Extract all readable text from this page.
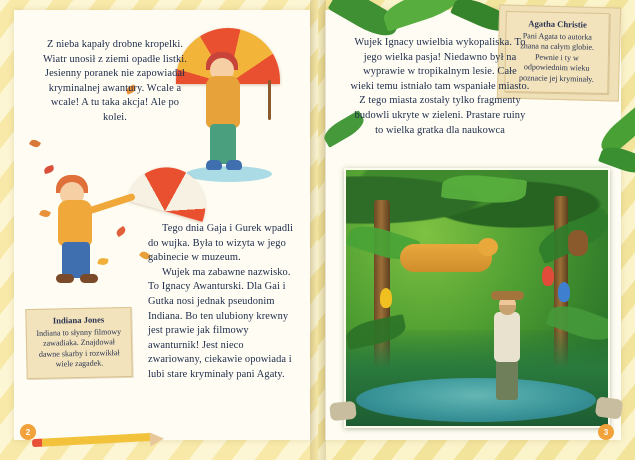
Z nieba kapały drobne kropelki. Wiatr unosił z ziemi opadłe listki. Jesienny poranek nie zapowiadał kryminalnej awantury. Wcale a wcale! A tu taka akcja! Ale po kolei.

Tego dnia Gaja i Gurek wpadli do wujka. Była to wizyta w jego gabinecie w muzeum.

Wujek ma zabawne nazwisko. To Ignacy Awanturski. Dla Gai i Gutka nosi jednak pseudonim Indiana. Bo ten ulubiony krewny jest prawie jak filmowy awanturnik! Jest nieco zwariowany, ciekawie opowiada i lubi stare kryminały pani Agaty.

Indiana Jones
Indiana to słynny filmowy zawadiaka. Znajdował dawne skarby i rozwikłał wiele zagadek.
2
Agatha Christie
Pani Agata to autorka znana na całym globie. Pewnie i ty w odpowiednim wieku poznacie jej kryminały.
Wujek Ignacy uwielbia wykopaliska. To jego wielka pasja! Niedawno był na wyprawie w tropikalnym lesie. Całe wieki temu istniało tam wspaniałe miasto. Z tego miasta zostały tylko fragmenty budowli ukryte w zieleni. Prastare ruiny to wielka gratka dla naukowca
3
